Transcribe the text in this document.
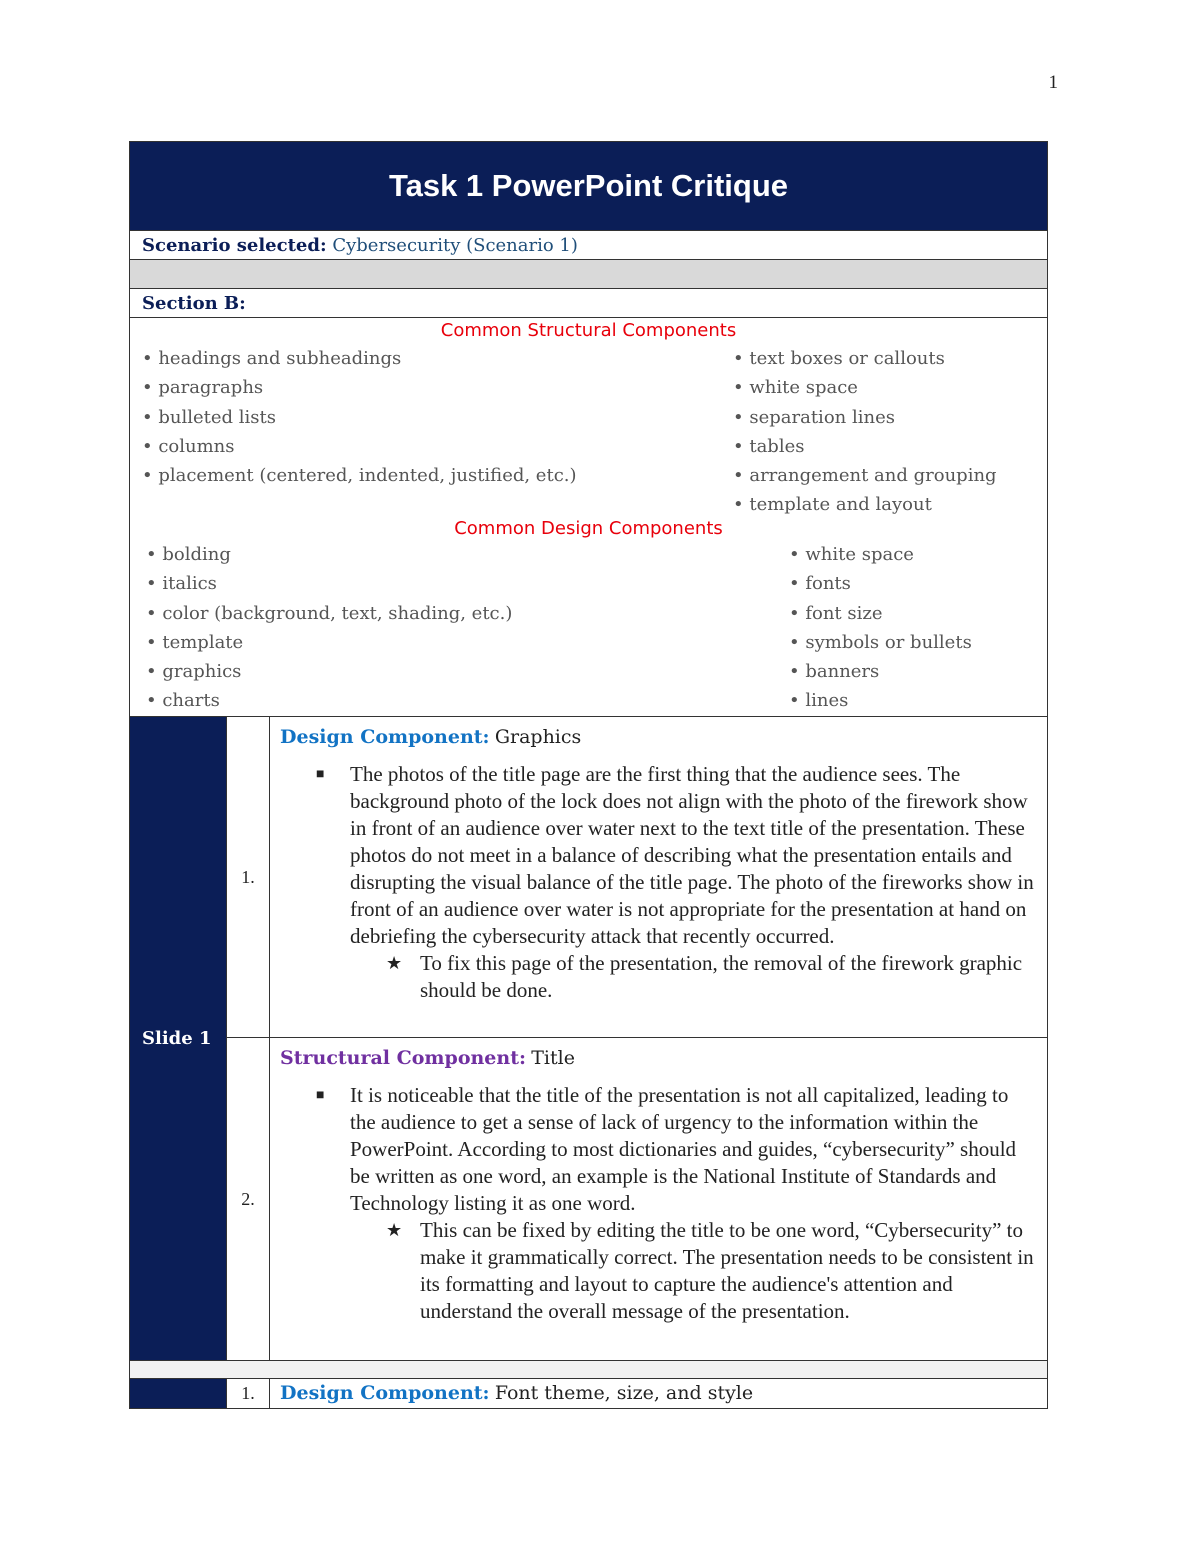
1
Task 1 PowerPoint Critique
Scenario selected:
Cybersecurity (Scenario 1)
Section B:
Common Structural Components
• headings and subheadings
• paragraphs
• bulleted lists
• columns
• placement (centered, indented, justified, etc.)
• text boxes or callouts
• white space
• separation lines
• tables
• arrangement and grouping
• template and layout
Common Design Components
• bolding
• italics
• color (background, text, shading, etc.)
• template
• graphics
• charts
• white space
• fonts
• font size
• symbols or bullets
• banners
• lines
Slide 1
1.

Design Component: Graphics

■	The photos of the title page are the first thing that the audience sees. The background photo of the lock does not align with the photo of the firework show in front of an audience over water next to the text title of the presentation. These photos do not meet in a balance of describing what the presentation entails and disrupting the visual balance of the title page. The photo of the fireworks show in front of an audience over water is not appropriate for the presentation at hand on debriefing the cybersecurity attack that recently occurred.
★ To fix this page of the presentation, the removal of the firework graphic should be done.
2.

Structural Component: Title

■	It is noticeable that the title of the presentation is not all capitalized, leading to the audience to get a sense of lack of urgency to the information within the PowerPoint. According to most dictionaries and guides, “cybersecurity” should be written as one word, an example is the National Institute of Standards and Technology listing it as one word.
★ This can be fixed by editing the title to be one word, “Cybersecurity” to make it grammatically correct. The presentation needs to be consistent in its formatting and layout to capture the audience's attention and understand the overall message of the presentation.
1.	Design Component:
Font theme, size, and style
